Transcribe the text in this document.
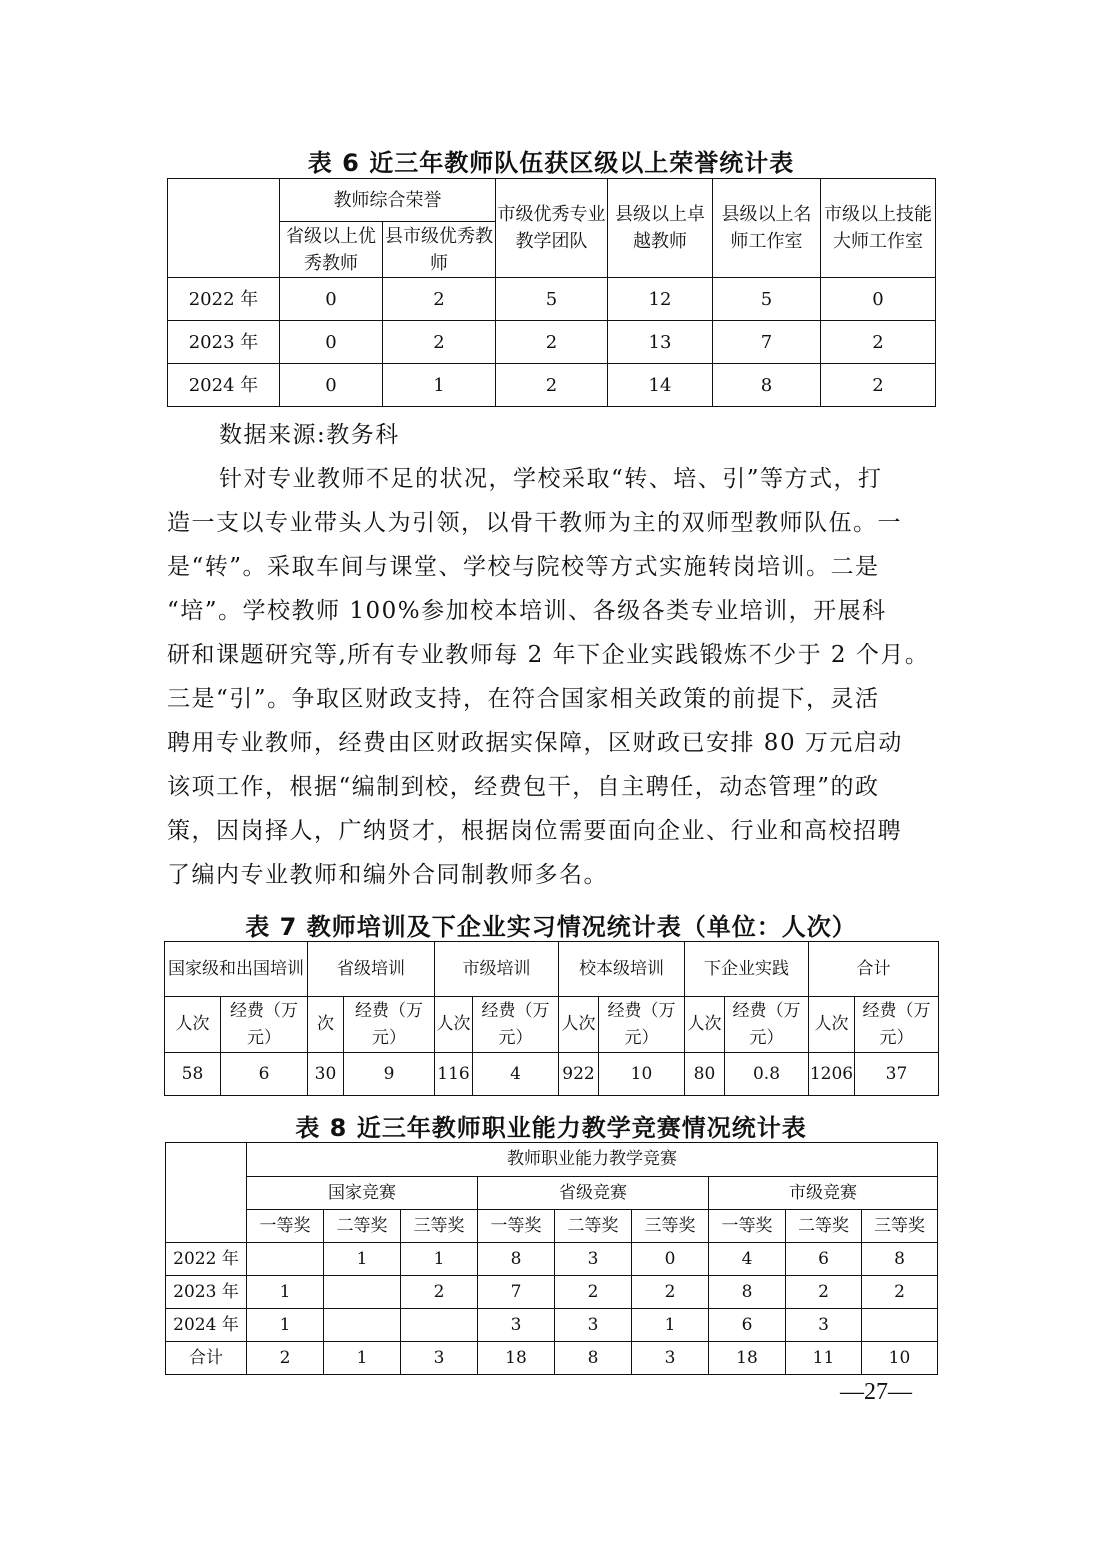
表 6 近三年教师队伍获区级以上荣誉统计表
	教师综合荣誉		市级优秀专业教学团队	县级以上卓越教师	县级以上名师工作室	市级以上技能大师工作室
	省级以上优秀教师	县市级优秀教师				
2022 年	0	2	5	12	5	0
2023 年	0	2	2	13	7	2
2024 年	0	1	2	14	8	2
数据来源:教务科
针对专业教师不足的状况，学校采取“转、培、引”等方式，打
造一支以专业带头人为引领，以骨干教师为主的双师型教师队伍。一
是“转”。采取车间与课堂、学校与院校等方式实施转岗培训。二是
“培”。学校教师 100%参加校本培训、各级各类专业培训，开展科
研和课题研究等,所有专业教师每 2 年下企业实践锻炼不少于 2 个月。
三是“引”。争取区财政支持，在符合国家相关政策的前提下，灵活
聘用专业教师，经费由区财政据实保障，区财政已安排 80 万元启动
该项工作，根据“编制到校，经费包干，自主聘任，动态管理”的政
策，因岗择人，广纳贤才，根据岗位需要面向企业、行业和高校招聘
了编内专业教师和编外合同制教师多名。
表 7 教师培训及下企业实习情况统计表（单位：人次）
国家级和出国培训		省级培训		市级培训		校本级培训		下企业实践		合计	
人次	经费（万元）	次	经费（万元）	人次	经费（万元）	人次	经费（万元）	人次	经费（万元）	人次	经费（万元）
58	6	30	9	116	4	922	10	80	0.8	1206	37
表 8 近三年教师职业能力教学竞赛情况统计表
	教师职业能力教学竞赛								
	国家竞赛			省级竞赛			市级竞赛		
	一等奖	二等奖	三等奖	一等奖	二等奖	三等奖	一等奖	二等奖	三等奖
2022 年		1	1	8	3	0	4	6	8
2023 年	1		2	7	2	2	8	2	2
2024 年	1			3	3	1	6	3	
合计	2	1	3	18	8	3	18	11	10
—27—
